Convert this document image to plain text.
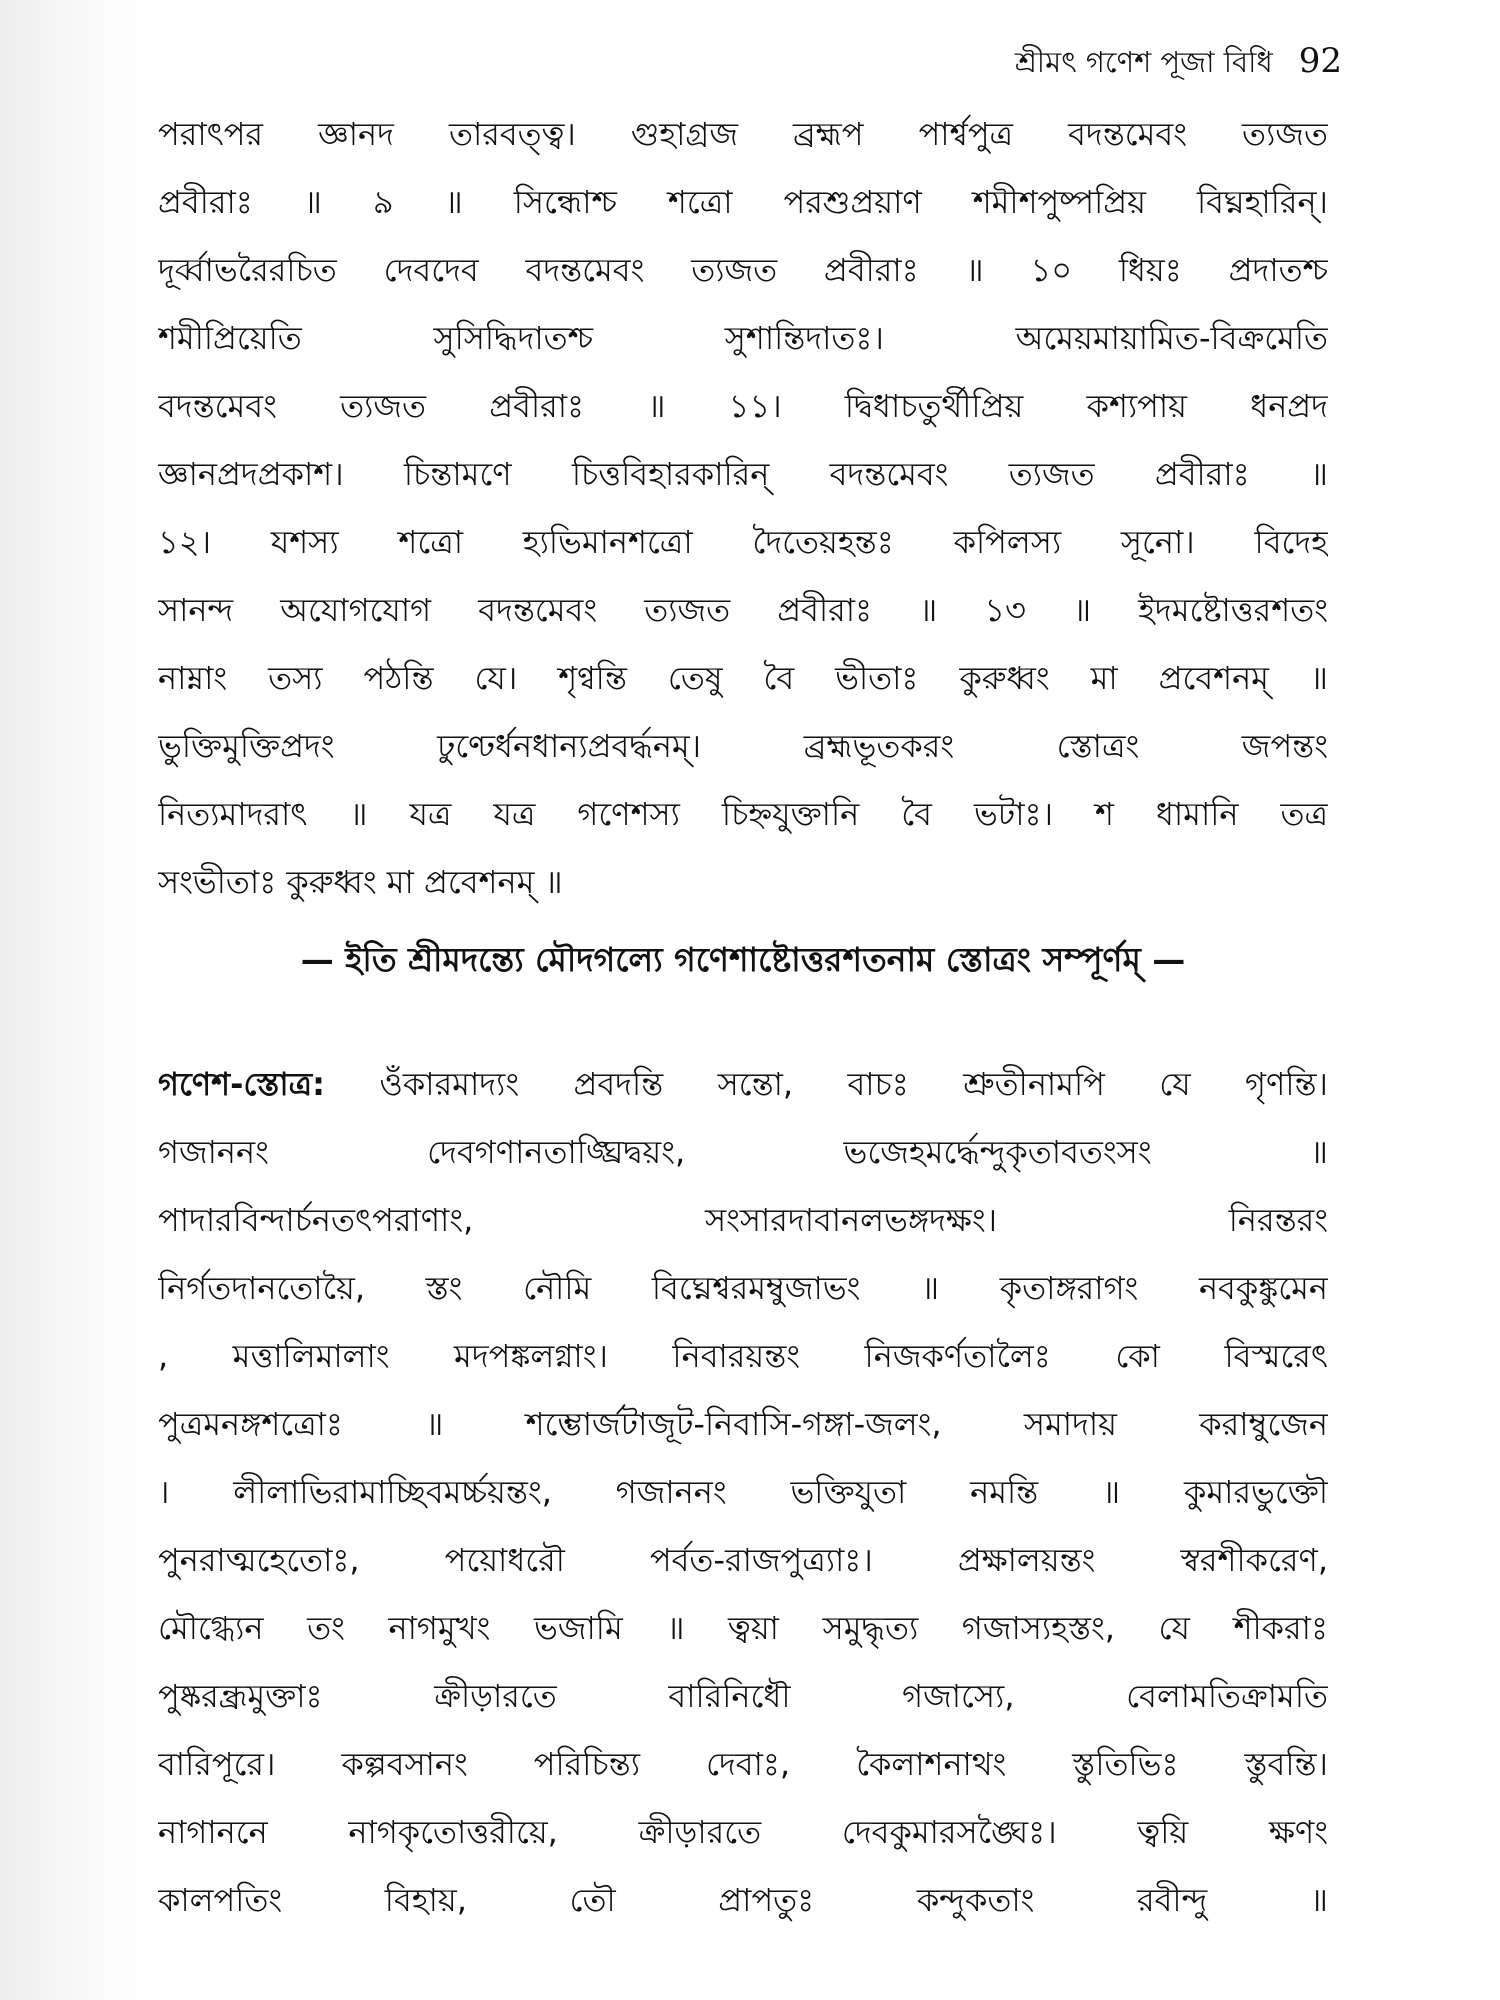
শ্রীমৎ গণেশ পূজা বিধি 92
পরাৎপর জ্ঞানদ তারবত্ত্ব। গুহাগ্রজ ব্রহ্মপ পার্শ্বপুত্র বদন্তমেবং ত্যজত
প্রবীরাঃ ॥ ৯ ॥ সিন্ধোশ্চ শত্রো পরশুপ্রয়াণ শমীশপুষ্পপ্রিয় বিঘ্নহারিন্।
দূর্ব্বাভরৈরচিত দেবদেব বদন্তমেবং ত্যজত প্রবীরাঃ ॥ ১০ ধিয়ঃ প্রদাতশ্চ
শমীপ্রিয়েতি সুসিদ্ধিদাতশ্চ সুশান্তিদাতঃ। অমেয়মায়ামিত-বিক্রমেতি
বদন্তমেবং ত্যজত প্রবীরাঃ ॥ ১১। দ্বিধাচতুর্থীপ্রিয় কশ্যপায় ধনপ্রদ
জ্ঞানপ্রদপ্রকাশ। চিন্তামণে চিত্তবিহারকারিন্ বদন্তমেবং ত্যজত প্রবীরাঃ ॥
১২। যশস্য শত্রো হ্যভিমানশত্রো দৈতেয়হন্তঃ কপিলস্য সূনো। বিদেহ
সানন্দ অযোগযোগ বদন্তমেবং ত্যজত প্রবীরাঃ ॥ ১৩ ॥ ইদমষ্টোত্তরশতং
নাম্নাং তস্য পঠন্তি যে। শৃণ্বন্তি তেষু বৈ ভীতাঃ কুরুধ্বং মা প্রবেশনম্ ॥
ভুক্তিমুক্তিপ্রদং ঢুণ্ঢের্ধনধান্যপ্রবর্দ্ধনম্। ব্রহ্মভূতকরং স্তোত্রং জপন্তং
নিত্যমাদরাৎ ॥ যত্র যত্র গণেশস্য চিহ্নযুক্তানি বৈ ভটাঃ। শ ধামানি তত্র
সংভীতাঃ কুরুধ্বং মা প্রবেশনম্ ॥
— ইতি শ্রীমদন্ত্যে মৌদগল্যে গণেশাষ্টোত্তরশতনাম স্তোত্রং সম্পূর্ণম্ —
গণেশ-স্তোত্র: ওঁকারমাদ্যং প্রবদন্তি সন্তো, বাচঃ শ্রুতীনামপি যে গৃণন্তি।
গজাননং দেবগণানতাঙ্ঘ্রিদ্বয়ং, ভজেহমর্দ্ধেন্দুকৃতাবতংসং ॥
পাদারবিন্দার্চনতৎপরাণাং, সংসারদাবানলভঙ্গদক্ষং। নিরন্তরং
নির্গতদানতোয়ৈ, স্তং নৌমি বিঘ্নেশ্বরমম্বুজাভং ॥ কৃতাঙ্গরাগং নবকুঙ্কুমেন
, মত্তালিমালাং মদপঙ্কলগ্নাং। নিবারয়ন্তং নিজকর্ণতালৈঃ কো বিস্মরেৎ
পুত্রমনঙ্গশত্রোঃ ॥ শম্ভোর্জটাজূট-নিবাসি-গঙ্গা-জলং, সমাদায় করাম্বুজেন
। লীলাভিরামাচ্ছিবমর্চ্চয়ন্তং, গজাননং ভক্তিযুতা নমন্তি ॥ কুমারভুক্তৌ
পুনরাত্মহেতোঃ, পয়োধরৌ পর্বত-রাজপুত্র্যাঃ। প্রক্ষালয়ন্তং স্বরশীকরেণ,
মৌগ্ধ্যেন তং নাগমুখং ভজামি ॥ ত্বয়া সমুদ্ধৃত্য গজাস্যহস্তং, যে শীকরাঃ
পুষ্করন্ধ্রমুক্তাঃ ক্রীড়ারতে বারিনিধৌ গজাস্যে, বেলামতিক্রামতি
বারিপূরে। কল্পবসানং পরিচিন্ত্য দেবাঃ, কৈলাশনাথং স্তুতিভিঃ স্তুবন্তি।
নাগাননে নাগকৃতোত্তরীয়ে, ক্রীড়ারতে দেবকুমারসঙ্ঘৈঃ। ত্বয়ি ক্ষণং
কালপতিং বিহায়, তৌ প্রাপতুঃ কন্দুকতাং রবীন্দু ॥
